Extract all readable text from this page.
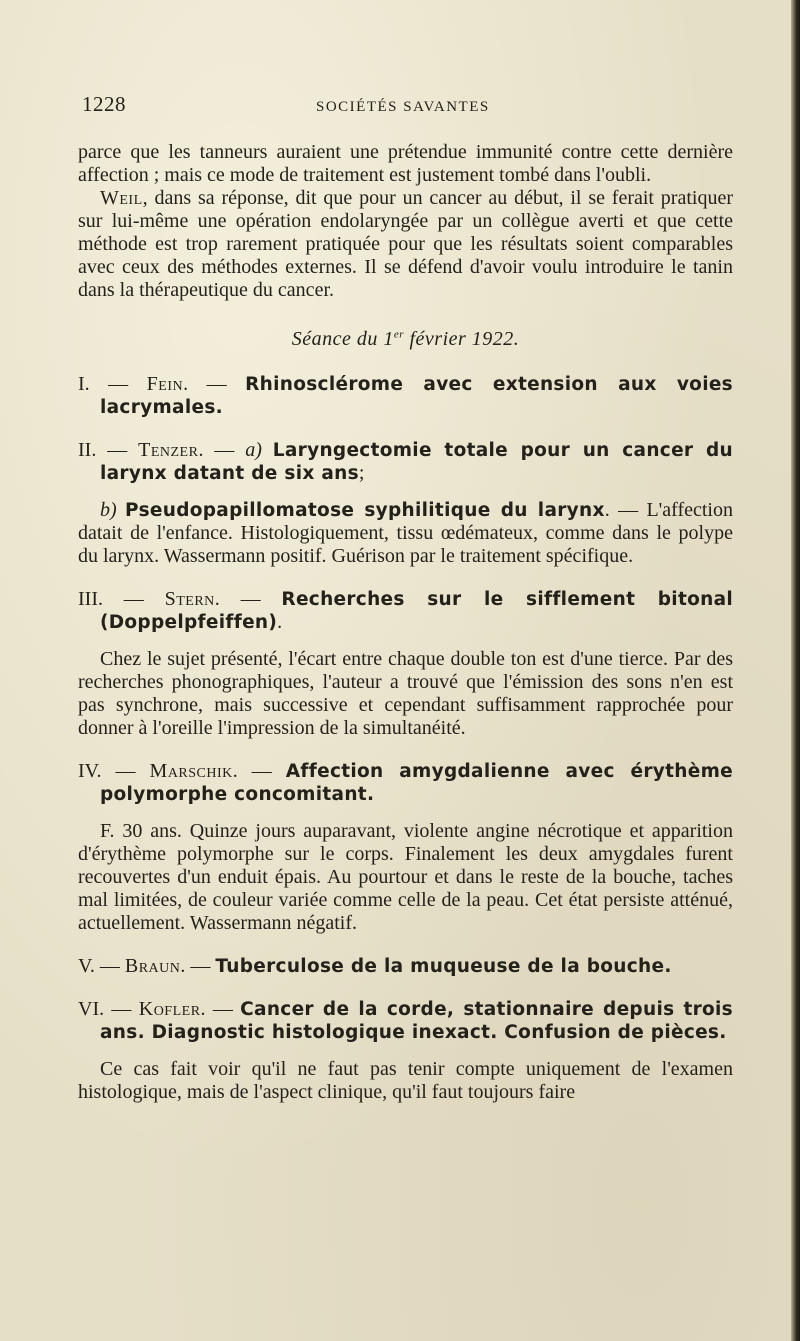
1228	SOCIÉTÉS SAVANTES

parce que les tanneurs auraient une prétendue immunité contre cette dernière affection ; mais ce mode de traitement est justement tombé dans l'oubli.

Weil, dans sa réponse, dit que pour un cancer au début, il se ferait pratiquer sur lui-même une opération endolaryngée par un collègue averti et que cette méthode est trop rarement pratiquée pour que les résultats soient comparables avec ceux des méthodes externes. Il se défend d'avoir voulu introduire le tanin dans la thérapeutique du cancer.

Séance du 1er février 1922.

I. — Fein. — Rhinosclérome avec extension aux voies lacrymales.

II. — Tenzer. — a) Laryngectomie totale pour un cancer du larynx datant de six ans;

b) Pseudopapillomatose syphilitique du larynx. — L'affection datait de l'enfance. Histologiquement, tissu œdémateux, comme dans le polype du larynx. Wassermann positif. Guérison par le traitement spécifique.

III. — Stern. — Recherches sur le sifflement bitonal (Doppelpfeiffen).

Chez le sujet présenté, l'écart entre chaque double ton est d'une tierce. Par des recherches phonographiques, l'auteur a trouvé que l'émission des sons n'en est pas synchrone, mais successive et cependant suffisamment rapprochée pour donner à l'oreille l'impression de la simultanéité.

IV. — Marschik. — Affection amygdalienne avec érythème polymorphe concomitant.

F. 30 ans. Quinze jours auparavant, violente angine nécrotique et apparition d'érythème polymorphe sur le corps. Finalement les deux amygdales furent recouvertes d'un enduit épais. Au pourtour et dans le reste de la bouche, taches mal limitées, de couleur variée comme celle de la peau. Cet état persiste atténué, actuellement. Wassermann négatif.

V. — Braun. — Tuberculose de la muqueuse de la bouche.

VI. — Kofler. — Cancer de la corde, stationnaire depuis trois ans. Diagnostic histologique inexact. Confusion de pièces.

Ce cas fait voir qu'il ne faut pas tenir compte uniquement de l'examen histologique, mais de l'aspect clinique, qu'il faut toujours faire
